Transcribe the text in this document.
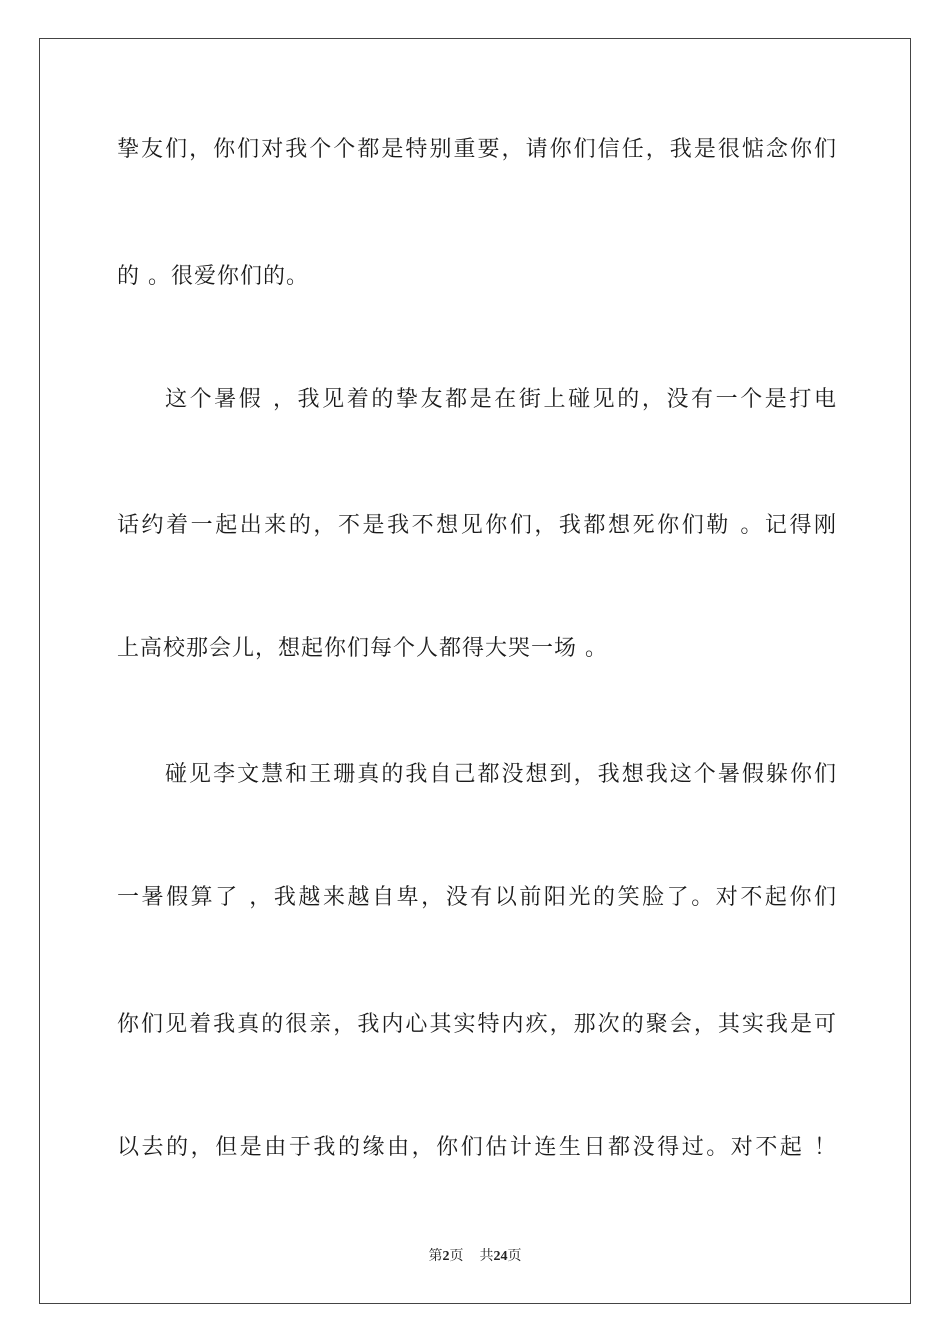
挚友们，你们对我个个都是特别重要，请你们信任，我是很惦念你们
的 。很爱你们的。
这个暑假 ，我见着的挚友都是在街上碰见的，没有一个是打电
话约着一起出来的，不是我不想见你们，我都想死你们勒 。记得刚
上高校那会儿，想起你们每个人都得大哭一场 。
碰见李文慧和王珊真的我自己都没想到，我想我这个暑假躲你们
一暑假算了 ，我越来越自卑，没有以前阳光的笑脸了。对不起你们
你们见着我真的很亲，我内心其实特内疚，那次的聚会，其实我是可
以去的，但是由于我的缘由，你们估计连生日都没得过。对不起 ！
第2页 共24页
